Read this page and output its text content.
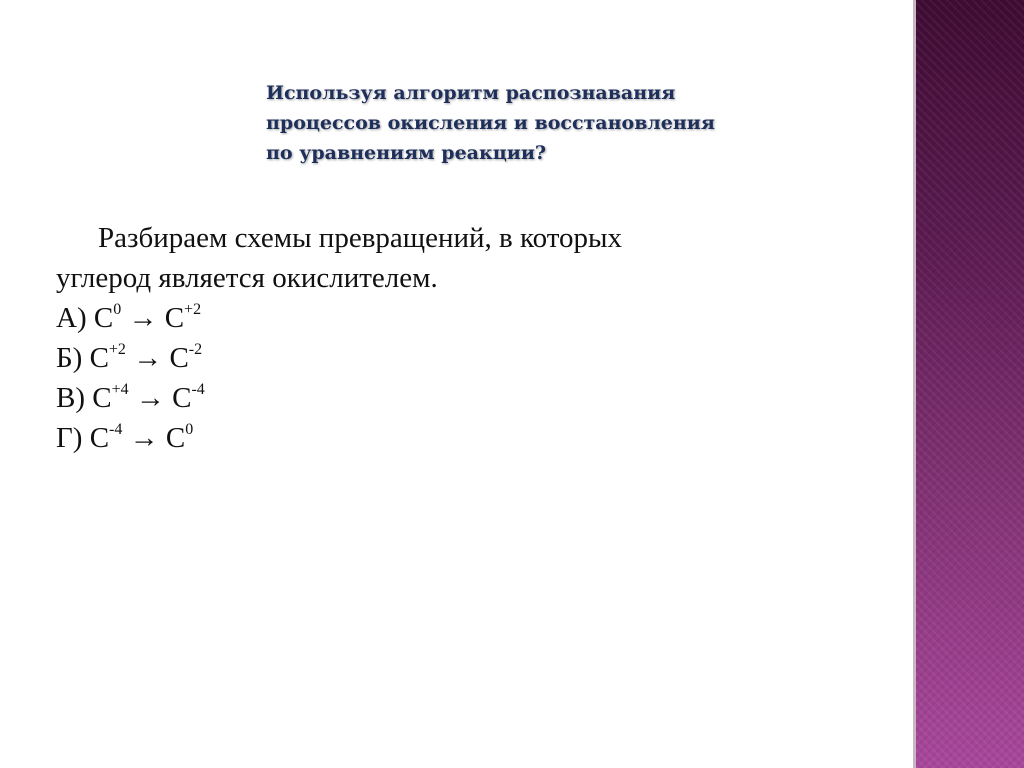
Используя алгоритм распознавания
процессов окисления и восстановления
по уравнениям реакции?
Разбираем схемы превращений, в которых
углерод является окислителем.
А) $C^0 \to C^{+2}$
Б) $C^{+2} \to C^{-2}$
В) $C^{+4} \to C^{-4}$
Г) $C^{-4} \to C^0$
